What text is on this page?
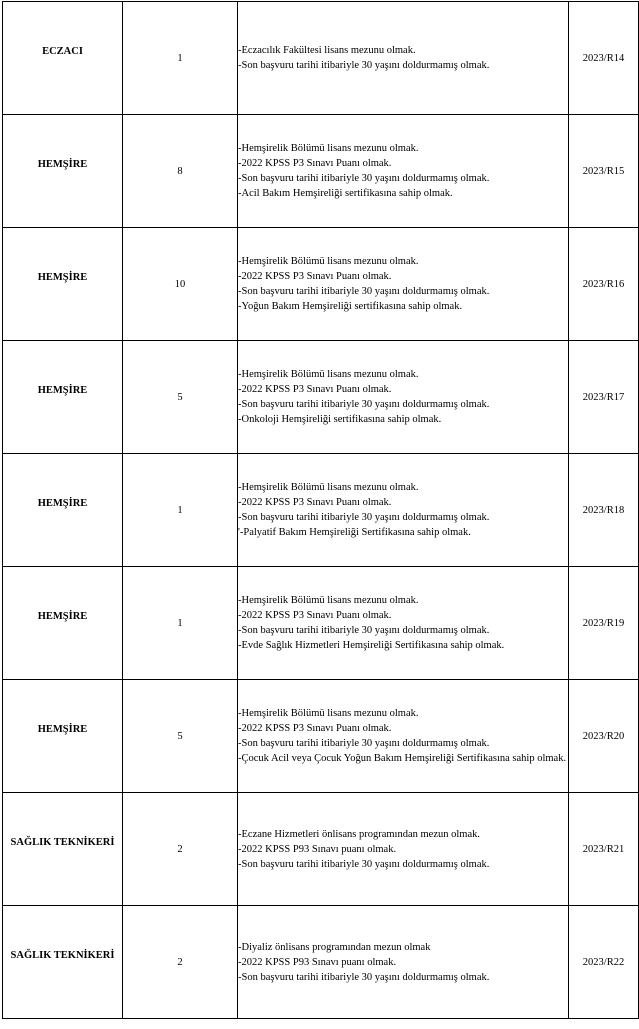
ECZACI	1	-Eczacılık Fakültesi lisans mezunu olmak.
-Son başvuru tarihi itibariyle 30 yaşını doldurmamış olmak.	2023/R14

HEMŞİRE	8	-Hemşirelik Bölümü lisans mezunu olmak.
-2022 KPSS P3 Sınavı Puanı olmak.
-Son başvuru tarihi itibariyle 30 yaşını doldurmamış olmak.
-Acil Bakım Hemşireliği sertifikasına sahip olmak.	2023/R15

HEMŞİRE	10	-Hemşirelik Bölümü lisans mezunu olmak.
-2022 KPSS P3 Sınavı Puanı olmak.
-Son başvuru tarihi itibariyle 30 yaşını doldurmamış olmak.
-Yoğun Bakım Hemşireliği sertifikasına sahip olmak.	2023/R16

HEMŞİRE	5	-Hemşirelik Bölümü lisans mezunu olmak.
-2022 KPSS P3 Sınavı Puanı olmak.
-Son başvuru tarihi itibariyle 30 yaşını doldurmamış olmak.
-Onkoloji Hemşireliği sertifikasına sahip olmak.	2023/R17

HEMŞİRE	1	-Hemşirelik Bölümü lisans mezunu olmak.
-2022 KPSS P3 Sınavı Puanı olmak.
-Son başvuru tarihi itibariyle 30 yaşını doldurmamış olmak.
'-Palyatif Bakım Hemşireliği Sertifikasına sahip olmak.	2023/R18

HEMŞİRE	1	-Hemşirelik Bölümü lisans mezunu olmak.
-2022 KPSS P3 Sınavı Puanı olmak.
-Son başvuru tarihi itibariyle 30 yaşını doldurmamış olmak.
-Evde Sağlık Hizmetleri Hemşireliği Sertifikasına sahip olmak.	2023/R19

HEMŞİRE	5	-Hemşirelik Bölümü lisans mezunu olmak.
-2022 KPSS P3 Sınavı Puanı olmak.
-Son başvuru tarihi itibariyle 30 yaşını doldurmamış olmak.
-Çocuk Acil veya Çocuk Yoğun Bakım Hemşireliği Sertifikasına sahip olmak.	2023/R20

SAĞLIK TEKNİKERİ	2	-Eczane Hizmetleri önlisans programından mezun olmak.
-2022 KPSS P93 Sınavı puanı olmak.
-Son başvuru tarihi itibariyle 30 yaşını doldurmamış olmak.	2023/R21

SAĞLIK TEKNİKERİ	2	-Diyaliz önlisans programından mezun olmak
-2022 KPSS P93 Sınavı puanı olmak.
-Son başvuru tarihi itibariyle 30 yaşını doldurmamış olmak.	2023/R22
